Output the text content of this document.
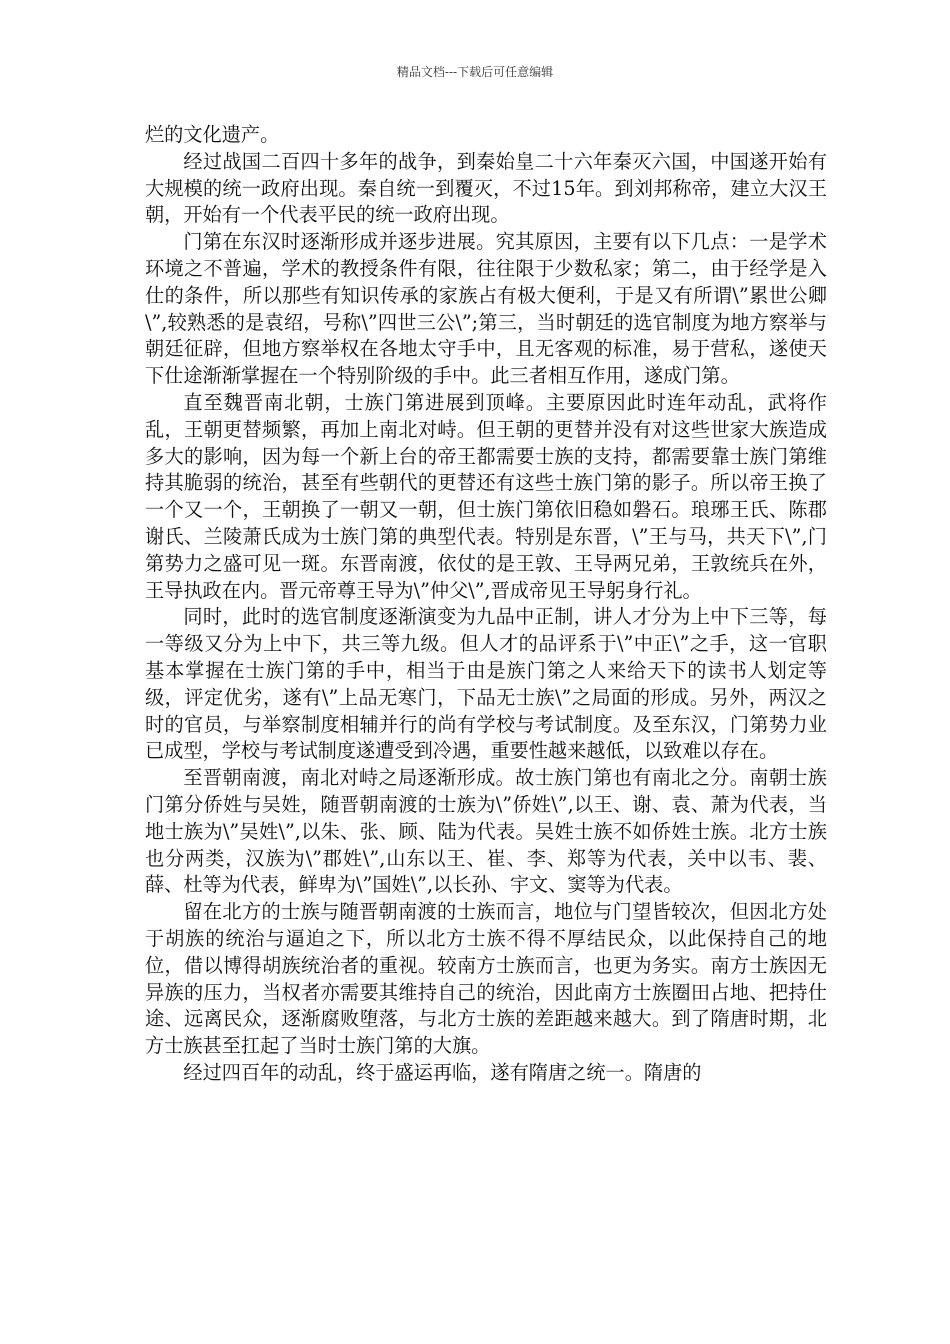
精品文档---下载后可任意编辑

烂的文化遗产。

经过战国二百四十多年的战争，到秦始皇二十六年秦灭六国，中国遂开始有大规模的统一政府出现。秦自统一到覆灭，不过15年。到刘邦称帝，建立大汉王朝，开始有一个代表平民的统一政府出现。

门第在东汉时逐渐形成并逐步进展。究其原因，主要有以下几点：一是学术环境之不普遍，学术的教授条件有限，往往限于少数私家；第二，由于经学是入仕的条件，所以那些有知识传承的家族占有极大便利，于是又有所谓\”累世公卿\”,较熟悉的是袁绍，号称\”四世三公\”;第三，当时朝廷的选官制度为地方察举与朝廷征辟，但地方察举权在各地太守手中，且无客观的标准，易于营私，遂使天下仕途渐渐掌握在一个特别阶级的手中。此三者相互作用，遂成门第。

直至魏晋南北朝，士族门第进展到顶峰。主要原因此时连年动乱，武将作乱，王朝更替频繁，再加上南北对峙。但王朝的更替并没有对这些世家大族造成多大的影响，因为每一个新上台的帝王都需要士族的支持，都需要靠士族门第维持其脆弱的统治，甚至有些朝代的更替还有这些士族门第的影子。所以帝王换了一个又一个，王朝换了一朝又一朝，但士族门第依旧稳如磐石。琅琊王氏、陈郡谢氏、兰陵萧氏成为士族门第的典型代表。特别是东晋，\”王与马，共天下\”,门第势力之盛可见一斑。东晋南渡，依仗的是王敦、王导两兄弟，王敦统兵在外，王导执政在内。晋元帝尊王导为\”仲父\”,晋成帝见王导躬身行礼。

同时，此时的选官制度逐渐演变为九品中正制，讲人才分为上中下三等，每一等级又分为上中下，共三等九级。但人才的品评系于\”中正\”之手，这一官职基本掌握在士族门第的手中，相当于由是族门第之人来给天下的读书人划定等级，评定优劣，遂有\”上品无寒门，下品无士族\”之局面的形成。另外，两汉之时的官员，与举察制度相辅并行的尚有学校与考试制度。及至东汉，门第势力业已成型，学校与考试制度遂遭受到冷遇，重要性越来越低，以致难以存在。

至晋朝南渡，南北对峙之局逐渐形成。故士族门第也有南北之分。南朝士族门第分侨姓与吴姓，随晋朝南渡的士族为\”侨姓\”,以王、谢、袁、萧为代表，当地士族为\”吴姓\”,以朱、张、顾、陆为代表。吴姓士族不如侨姓士族。北方士族也分两类，汉族为\”郡姓\”,山东以王、崔、李、郑等为代表，关中以韦、裴、薛、杜等为代表，鲜卑为\”国姓\”,以长孙、宇文、窦等为代表。

留在北方的士族与随晋朝南渡的士族而言，地位与门望皆较次，但因北方处于胡族的统治与逼迫之下，所以北方士族不得不厚结民众，以此保持自己的地位，借以博得胡族统治者的重视。较南方士族而言，也更为务实。南方士族因无异族的压力，当权者亦需要其维持自己的统治，因此南方士族圈田占地、把持仕途、远离民众，逐渐腐败堕落，与北方士族的差距越来越大。到了隋唐时期，北方士族甚至扛起了当时士族门第的大旗。

经过四百年的动乱，终于盛运再临，遂有隋唐之统一。隋唐的
